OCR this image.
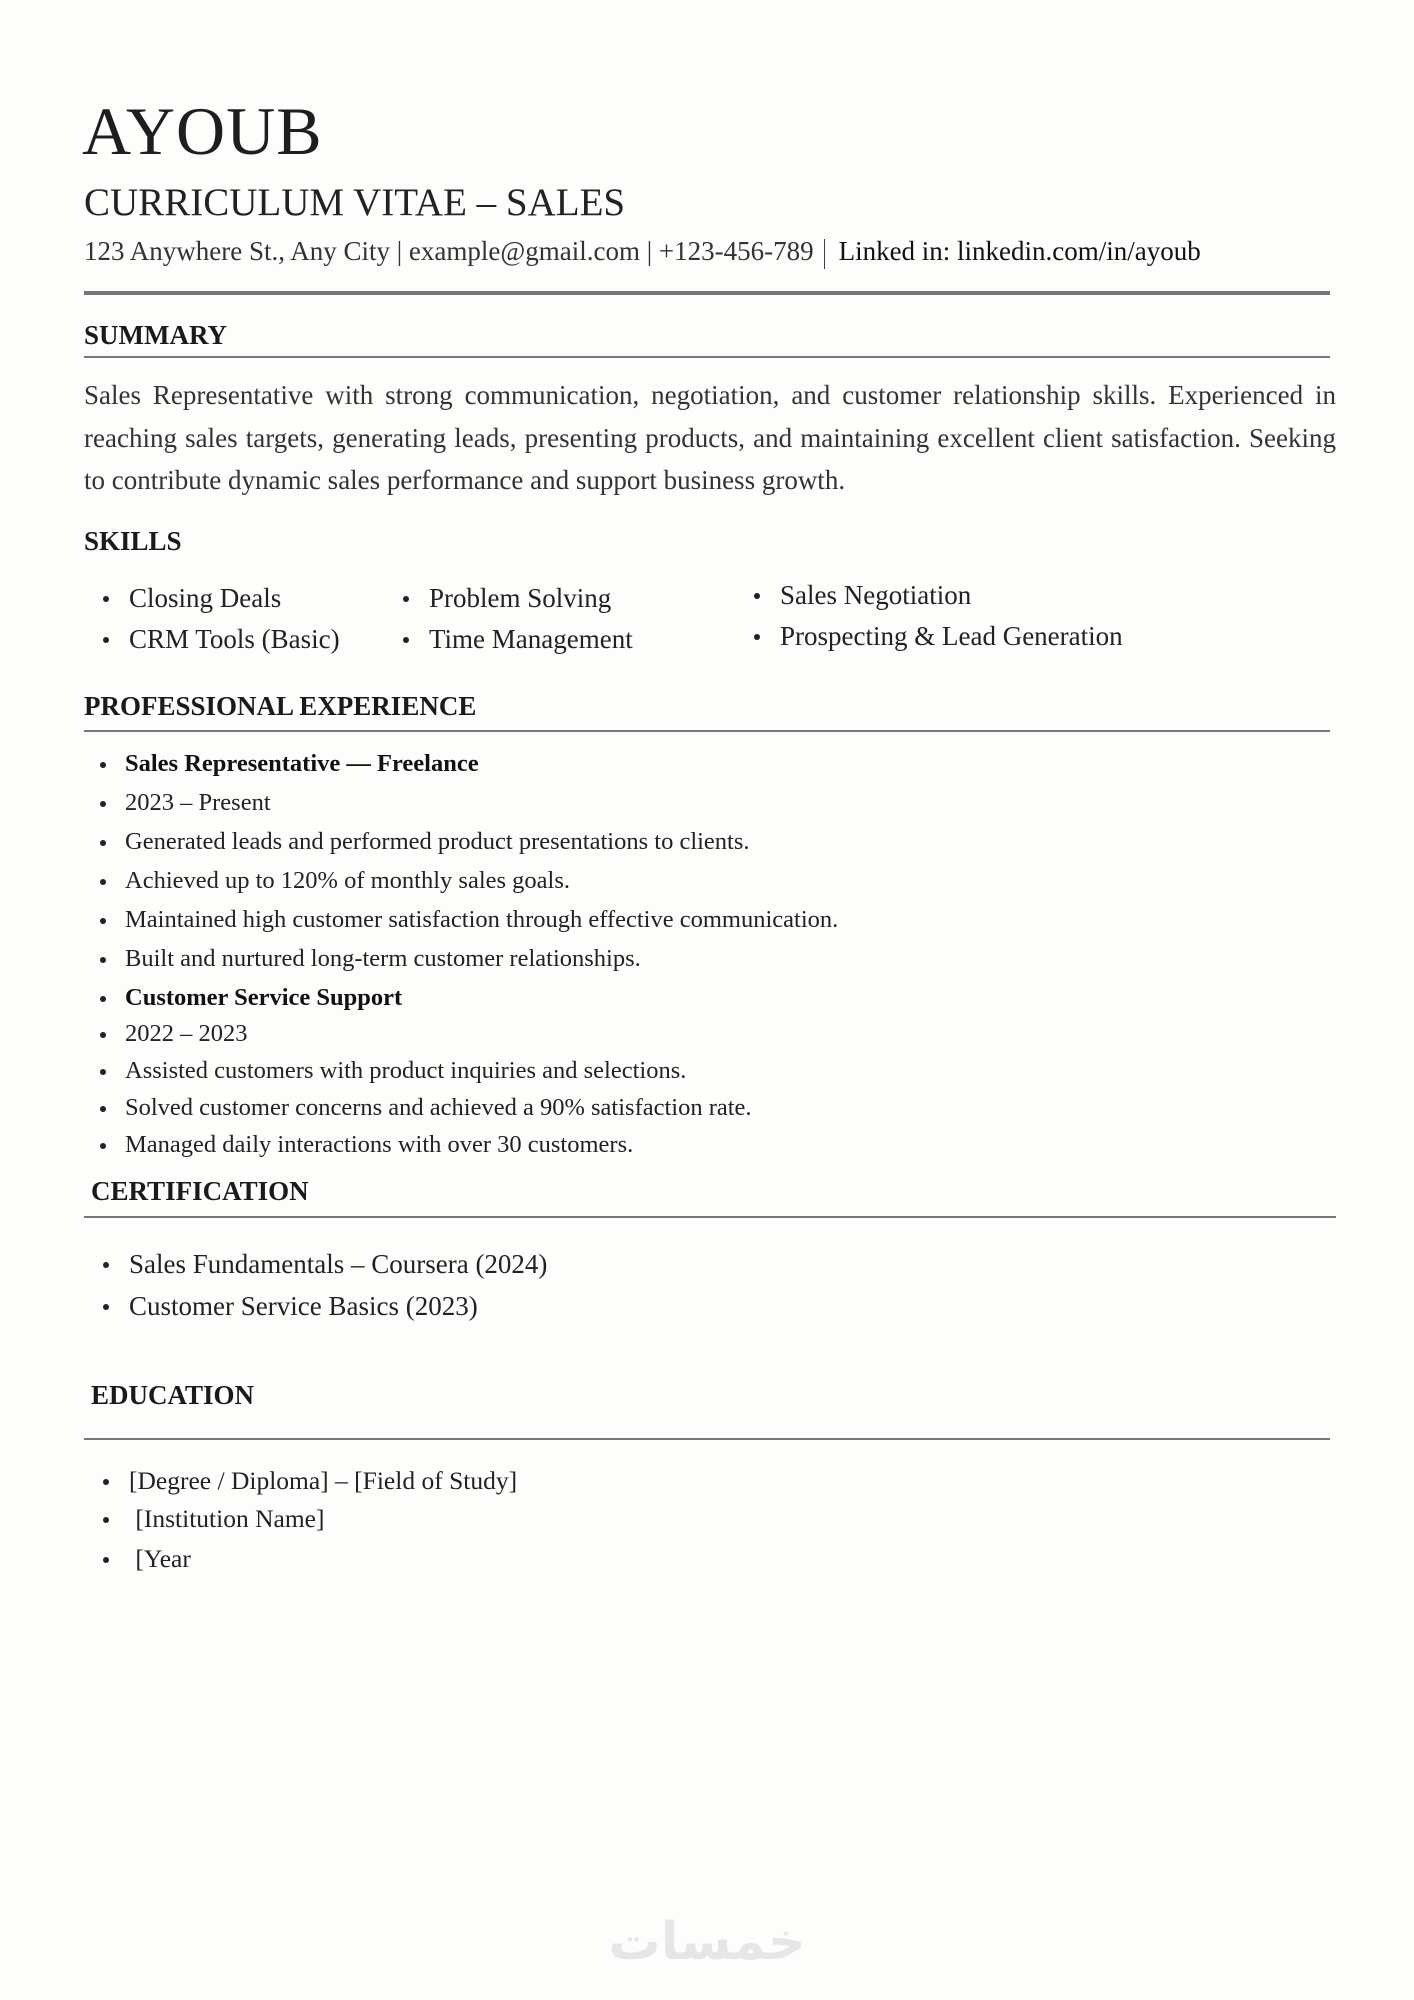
AYOUB
CURRICULUM VITAE – SALES
123 Anywhere St., Any City | example@gmail.com | +123-456-789 Linked in: linkedin.com/in/ayoub
SUMMARY
Sales Representative with strong communication, negotiation, and customer relationship skills. Experienced in reaching sales targets, generating leads, presenting products, and maintaining excellent client satisfaction. Seeking to contribute dynamic sales performance and support business growth.
SKILLS
Closing Deals
CRM Tools (Basic)
Problem Solving
Time Management
Sales Negotiation
Prospecting & Lead Generation
PROFESSIONAL EXPERIENCE
Sales Representative — Freelance
2023 – Present
Generated leads and performed product presentations to clients.
Achieved up to 120% of monthly sales goals.
Maintained high customer satisfaction through effective communication.
Built and nurtured long-term customer relationships.
Customer Service Support
2022 – 2023
Assisted customers with product inquiries and selections.
Solved customer concerns and achieved a 90% satisfaction rate.
Managed daily interactions with over 30 customers.
CERTIFICATION
Sales Fundamentals – Coursera (2024)
Customer Service Basics (2023)
EDUCATION
[Degree / Diploma] – [Field of Study]
[Institution Name]
[Year
خمسات
